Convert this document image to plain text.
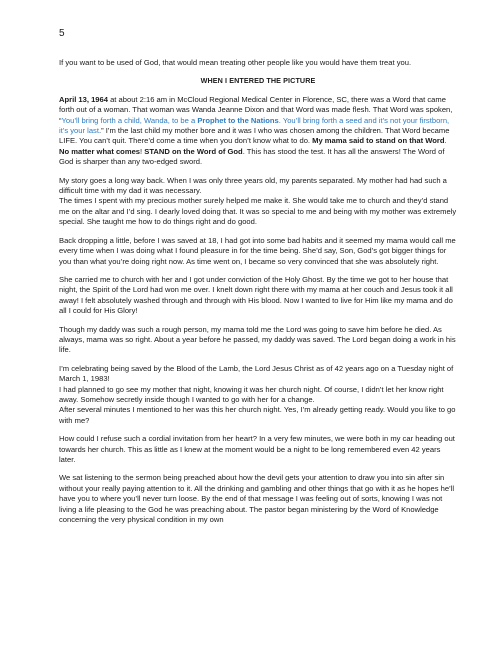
5

If you want to be used of God, that would mean treating other people like you would have them treat you.

WHEN I ENTERED THE PICTURE

April 13, 1964 at about 2:16 am in McCloud Regional Medical Center in Florence, SC, there was a Word that came forth out of a woman. That woman was Wanda Jeanne Dixon and that Word was made flesh. That Word was spoken, “You’ll bring forth a child, Wanda, to be a Prophet to the Nations. You’ll bring forth a seed and it’s not your firstborn, it’s your last.” I’m the last child my mother bore and it was I who was chosen among the children. That Word became LIFE. You can’t quit. There’d come a time when you don’t know what to do. My mama said to stand on that Word. No matter what comes! STAND on the Word of God. This has stood the test. It has all the answers! The Word of God is sharper than any two-edged sword.

My story goes a long way back. When I was only three years old, my parents separated. My mother had had such a difficult time with my dad it was necessary.
The times I spent with my precious mother surely helped me make it. She would take me to church and they’d stand me on the altar and I’d sing. I dearly loved doing that. It was so special to me and being with my mother was extremely special. She taught me how to do things right and do good.

Back dropping a little, before I was saved at 18, I had got into some bad habits and it seemed my mama would call me every time when I was doing what I found pleasure in for the time being. She’d say, Son, God’s got bigger things for you than what you’re doing right now. As time went on, I became so very convinced that she was absolutely right.

She carried me to church with her and I got under conviction of the Holy Ghost. By the time we got to her house that night, the Spirit of the Lord had won me over. I knelt down right there with my mama at her couch and Jesus took it all away! I felt absolutely washed through and through with His blood. Now I wanted to live for Him like my mama and do all I could for His Glory!

Though my daddy was such a rough person, my mama told me the Lord was going to save him before he died. As always, mama was so right. About a year before he passed, my daddy was saved. The Lord began doing a work in his life.

I’m celebrating being saved by the Blood of the Lamb, the Lord Jesus Christ as of 42 years ago on a Tuesday night of March 1, 1983!
I had planned to go see my mother that night, knowing it was her church night. Of course, I didn’t let her know right away. Somehow secretly inside though I wanted to go with her for a change.
After several minutes I mentioned to her was this her church night. Yes, I’m already getting ready. Would you like to go with me?

How could I refuse such a cordial invitation from her heart? In a very few minutes, we were both in my car heading out towards her church. This as little as I knew at the moment would be a night to be long remembered even 42 years later.

We sat listening to the sermon being preached about how the devil gets your attention to draw you into sin after sin without your really paying attention to it. All the drinking and gambling and other things that go with it as he hopes he’ll have you to where you’ll never turn loose. By the end of that message I was feeling out of sorts, knowing I was not living a life pleasing to the God he was preaching about. The pastor began ministering by the Word of Knowledge concerning the very physical condition in my own
